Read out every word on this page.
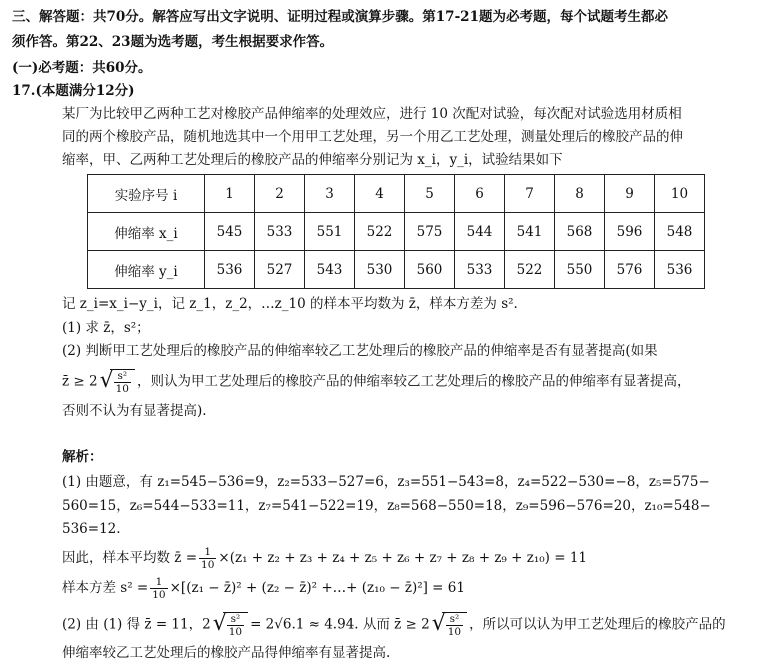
三、解答题：共70分。解答应写出文字说明、证明过程或演算步骤。第17-21题为必考题，每个试题考生都必
须作答。第22、23题为选考题，考生根据要求作答。
(一)必考题：共60分。
17.(本题满分12分)
某厂为比较甲乙两种工艺对橡胶产品伸缩率的处理效应，进行 10 次配对试验，每次配对试验选用材质相
同的两个橡胶产品，随机地选其中一个用甲工艺处理，另一个用乙工艺处理，测量处理后的橡胶产品的伸
缩率，甲、乙两种工艺处理后的橡胶产品的伸缩率分别记为 x_i，y_i，试验结果如下
实验序号 i	1	2	3	4	5	6	7	8	9	10
伸缩率 x_i	545	533	551	522	575	544	541	568	596	548
伸缩率 y_i	536	527	543	530	560	533	522	550	576	536
记 z_i=x_i−y_i，记 z_1，z_2，…z_10 的样本平均数为 z̄，样本方差为 s².
(1) 求 z̄，s²；
(2) 判断甲工艺处理后的橡胶产品的伸缩率较乙工艺处理后的橡胶产品的伸缩率是否有显著提高(如果
z̄ ≥ 2 √ $\frac{\text{s²}}{10}$ ，则认为甲工艺处理后的橡胶产品的伸缩率较乙工艺处理后的橡胶产品的伸缩率有显著提高，
否则不认为有显著提高).
解析：
(1) 由题意，有 z₁=545−536=9，z₂=533−527=6，z₃=551−543=8，z₄=522−530=−8，z₅=575−
560=15，z₆=544−533=11，z₇=541−522=19，z₈=568−550=18，z₉=596−576=20，z₁₀=548−
536=12.
因此，样本平均数 z̄ = $\frac{1}{10} \times(z_1 + z_2 + z_3 + z_4 + z_5 + z_6 + z_7 + z_8 + z_9 + z_{10}) = 11$
样本方差 $s^2 = \frac{1}{10} \times[(z_1$ − z̄)² + (z₂ − z̄)² +…+ (z₁₀ − z̄)²] = 61
(2) 由 (1) 得 z̄ = 11，2 √ $\frac{\text{s²}}{10} = 2√6.1 \approx 4.94$. 从而 z̄ ≥ 2 √ $\frac{\text{s²}}{10}$ ，所以可以认为甲工艺处理后的橡胶产品的
伸缩率较乙工艺处理后的橡胶产品得伸缩率有显著提高.
